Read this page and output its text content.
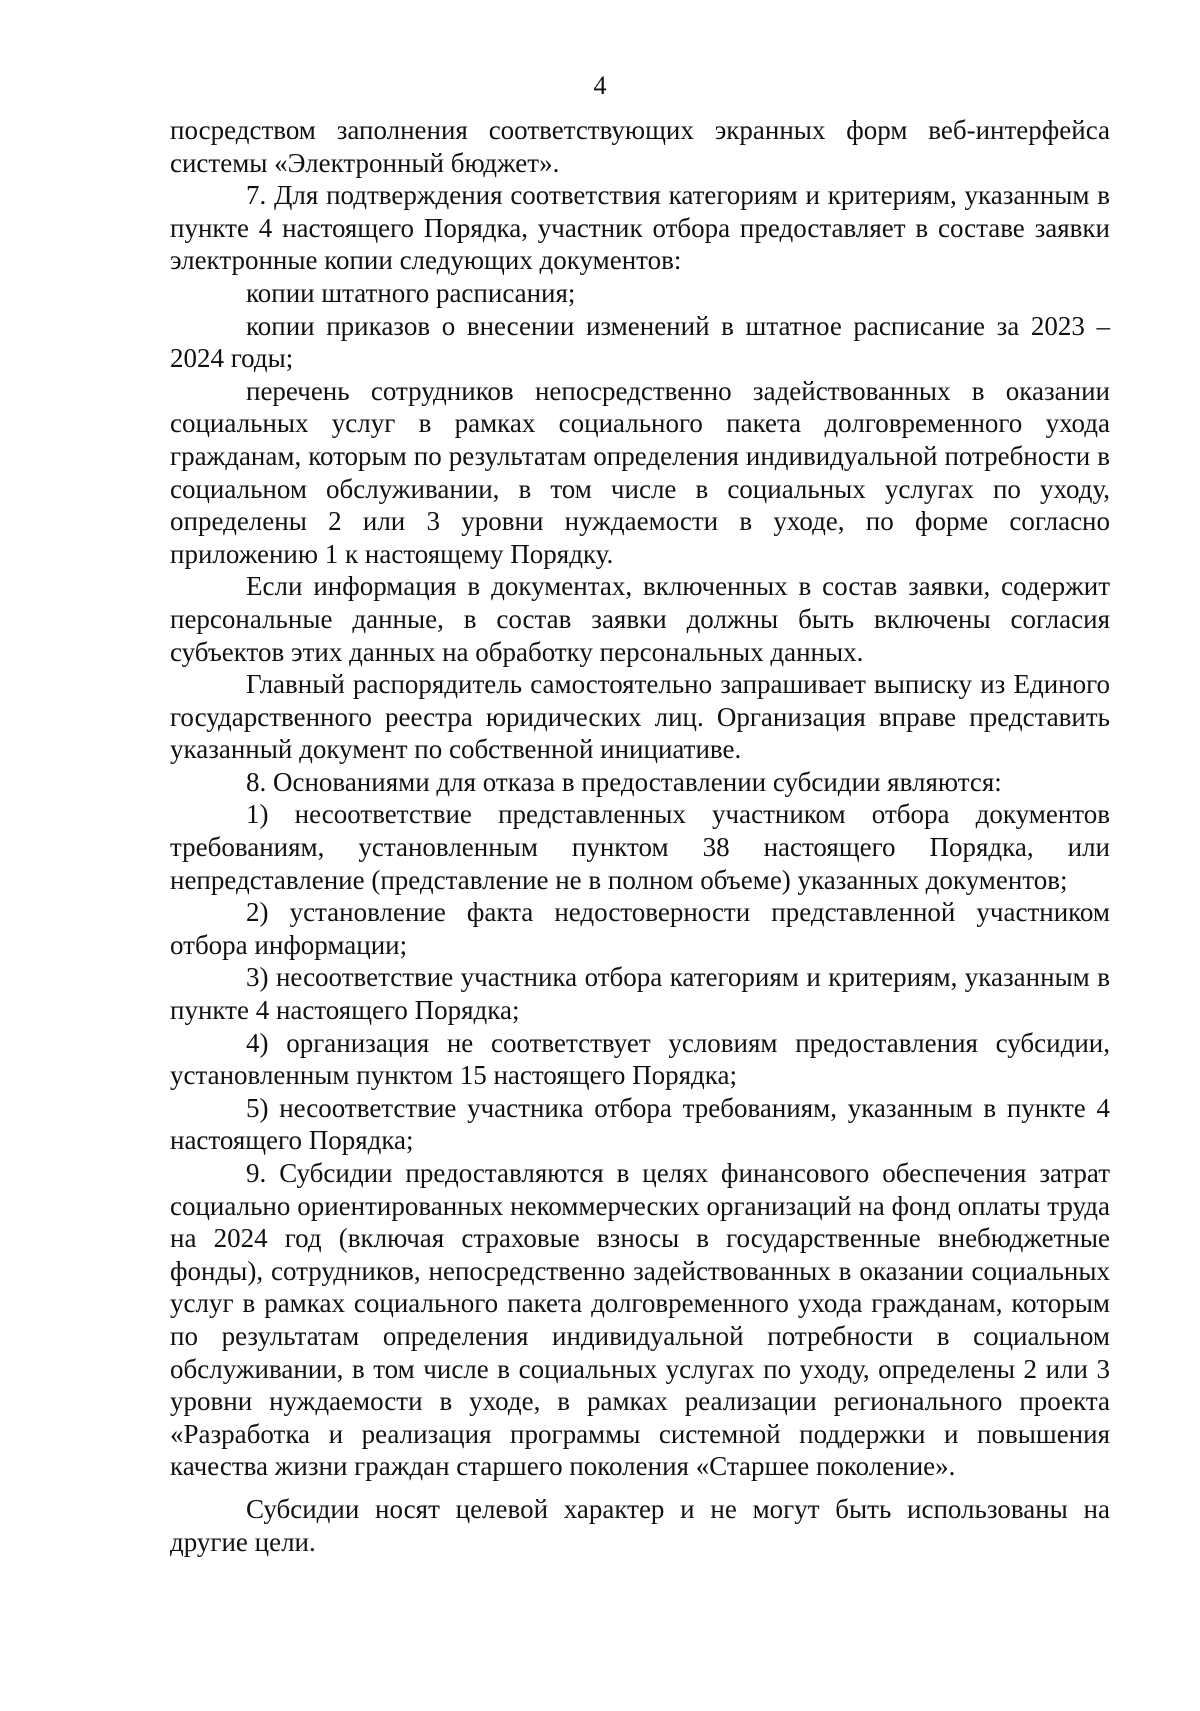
4

посредством заполнения соответствующих экранных форм веб-интерфейса системы «Электронный бюджет».

7. Для подтверждения соответствия категориям и критериям, указанным в пункте 4 настоящего Порядка, участник отбора предоставляет в составе заявки электронные копии следующих документов:

копии штатного расписания;

копии приказов о внесении изменений в штатное расписание за 2023 – 2024 годы;

перечень сотрудников непосредственно задействованных в оказании социальных услуг в рамках социального пакета долговременного ухода гражданам, которым по результатам определения индивидуальной потребности в социальном обслуживании, в том числе в социальных услугах по уходу, определены 2 или 3 уровни нуждаемости в уходе, по форме согласно приложению 1 к настоящему Порядку.

Если информация в документах, включенных в состав заявки, содержит персональные данные, в состав заявки должны быть включены согласия субъектов этих данных на обработку персональных данных.

Главный распорядитель самостоятельно запрашивает выписку из Единого государственного реестра юридических лиц. Организация вправе представить указанный документ по собственной инициативе.

8. Основаниями для отказа в предоставлении субсидии являются:

1) несоответствие представленных участником отбора документов требованиям, установленным пунктом 38 настоящего Порядка, или непредставление (представление не в полном объеме) указанных документов;

2) установление факта недостоверности представленной участником отбора информации;

3) несоответствие участника отбора категориям и критериям, указанным в пункте 4 настоящего Порядка;

4) организация не соответствует условиям предоставления субсидии, установленным пунктом 15 настоящего Порядка;

5) несоответствие участника отбора требованиям, указанным в пункте 4 настоящего Порядка;

9. Субсидии предоставляются в целях финансового обеспечения затрат социально ориентированных некоммерческих организаций на фонд оплаты труда на 2024 год (включая страховые взносы в государственные внебюджетные фонды), сотрудников, непосредственно задействованных в оказании социальных услуг в рамках социального пакета долговременного ухода гражданам, которым по результатам определения индивидуальной потребности в социальном обслуживании, в том числе в социальных услугах по уходу, определены 2 или 3 уровни нуждаемости в уходе, в рамках реализации регионального проекта «Разработка и реализация программы системной поддержки и повышения качества жизни граждан старшего поколения «Старшее поколение».

Субсидии носят целевой характер и не могут быть использованы на другие цели.
